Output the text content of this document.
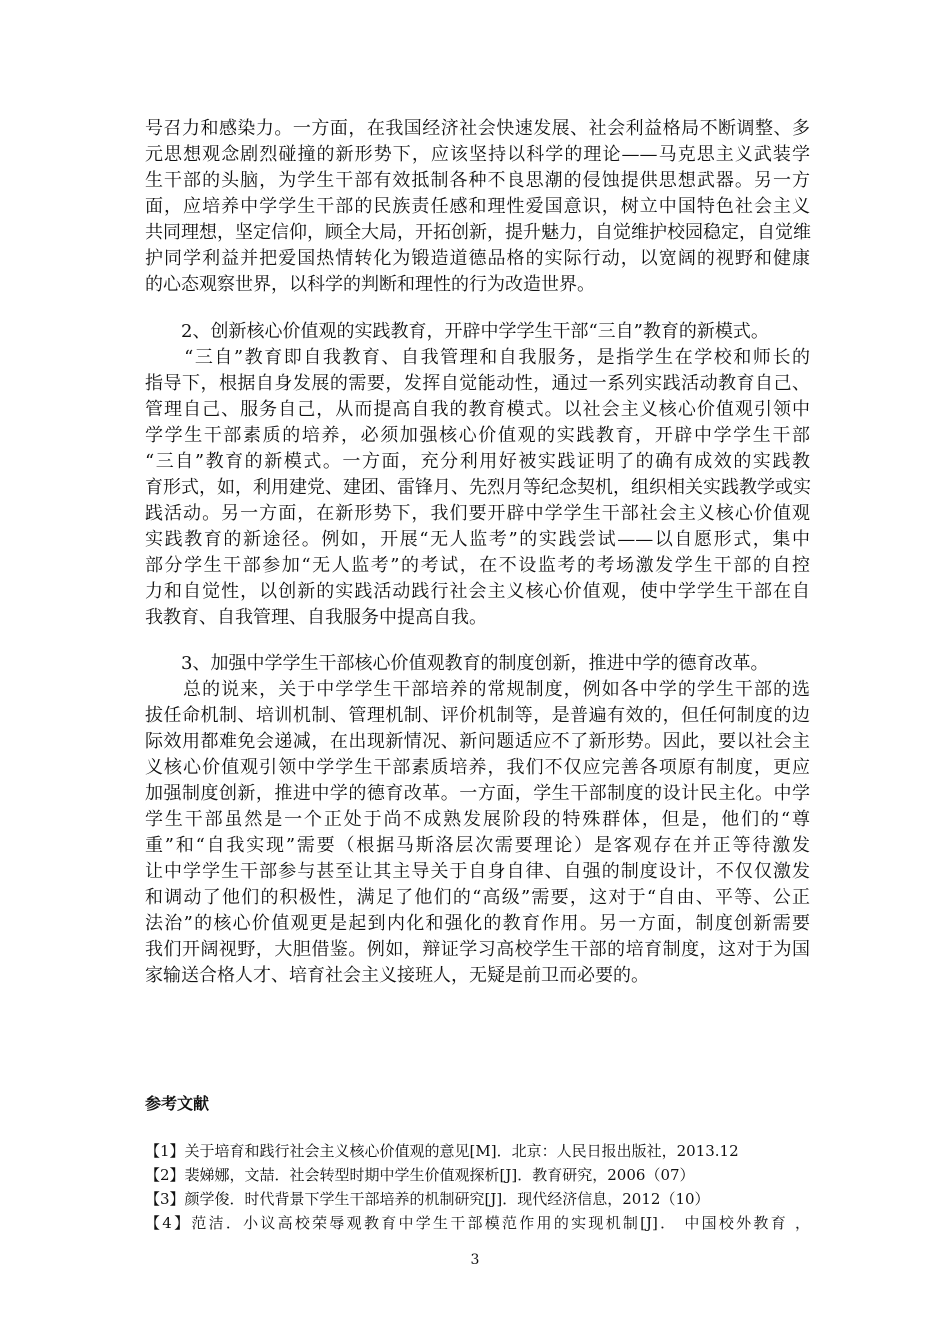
号召力和感染力。一方面，在我国经济社会快速发展、社会利益格局不断调整、多
元思想观念剧烈碰撞的新形势下，应该坚持以科学的理论——马克思主义武装学
生干部的头脑，为学生干部有效抵制各种不良思潮的侵蚀提供思想武器。另一方
面，应培养中学学生干部的民族责任感和理性爱国意识，树立中国特色社会主义
共同理想，坚定信仰，顾全大局，开拓创新，提升魅力，自觉维护校园稳定，自觉维
护同学利益并把爱国热情转化为锻造道德品格的实际行动，以宽阔的视野和健康
的心态观察世界，以科学的判断和理性的行为改造世界。
　　2、创新核心价值观的实践教育，开辟中学学生干部“三自”教育的新模式。
　　“三自”教育即自我教育、自我管理和自我服务，是指学生在学校和师长的
指导下，根据自身发展的需要，发挥自觉能动性，通过一系列实践活动教育自己、
管理自己、服务自己，从而提高自我的教育模式。以社会主义核心价值观引领中
学学生干部素质的培养，必须加强核心价值观的实践教育，开辟中学学生干部
“三自”教育的新模式。一方面，充分利用好被实践证明了的确有成效的实践教
育形式，如，利用建党、建团、雷锋月、先烈月等纪念契机，组织相关实践教学或实
践活动。另一方面，在新形势下，我们要开辟中学学生干部社会主义核心价值观
实践教育的新途径。例如，开展“无人监考”的实践尝试——以自愿形式，集中
部分学生干部参加“无人监考”的考试，在不设监考的考场激发学生干部的自控
力和自觉性，以创新的实践活动践行社会主义核心价值观，使中学学生干部在自
我教育、自我管理、自我服务中提高自我。
　　3、加强中学学生干部核心价值观教育的制度创新，推进中学的德育改革。
　　总的说来，关于中学学生干部培养的常规制度，例如各中学的学生干部的选
拔任命机制、培训机制、管理机制、评价机制等，是普遍有效的，但任何制度的边
际效用都难免会递减，在出现新情况、新问题适应不了新形势。因此，要以社会主
义核心价值观引领中学学生干部素质培养，我们不仅应完善各项原有制度，更应
加强制度创新，推进中学的德育改革。一方面，学生干部制度的设计民主化。中学
学生干部虽然是一个正处于尚不成熟发展阶段的特殊群体，但是，他们的“尊
重”和“自我实现”需要（根据马斯洛层次需要理论）是客观存在并正等待激发
让中学学生干部参与甚至让其主导关于自身自律、自强的制度设计，不仅仅激发
和调动了他们的积极性，满足了他们的“高级”需要，这对于“自由、平等、公正
法治”的核心价值观更是起到内化和强化的教育作用。另一方面，制度创新需要
我们开阔视野，大胆借鉴。例如，辩证学习高校学生干部的培育制度，这对于为国
家输送合格人才、培育社会主义接班人，无疑是前卫而必要的。
参考文献
【1】关于培育和践行社会主义核心价值观的意见[M]．北京：人民日报出版社，2013.12
【2】裴娣娜，文喆．社会转型时期中学生价值观探析[J]．教育研究，2006（07）
【3】颜学俊．时代背景下学生干部培养的机制研究[J]．现代经济信息，2012（10）
【4】范洁．小议高校荣辱观教育中学生干部模范作用的实现机制[J]． 中国校外教育 ，
3
